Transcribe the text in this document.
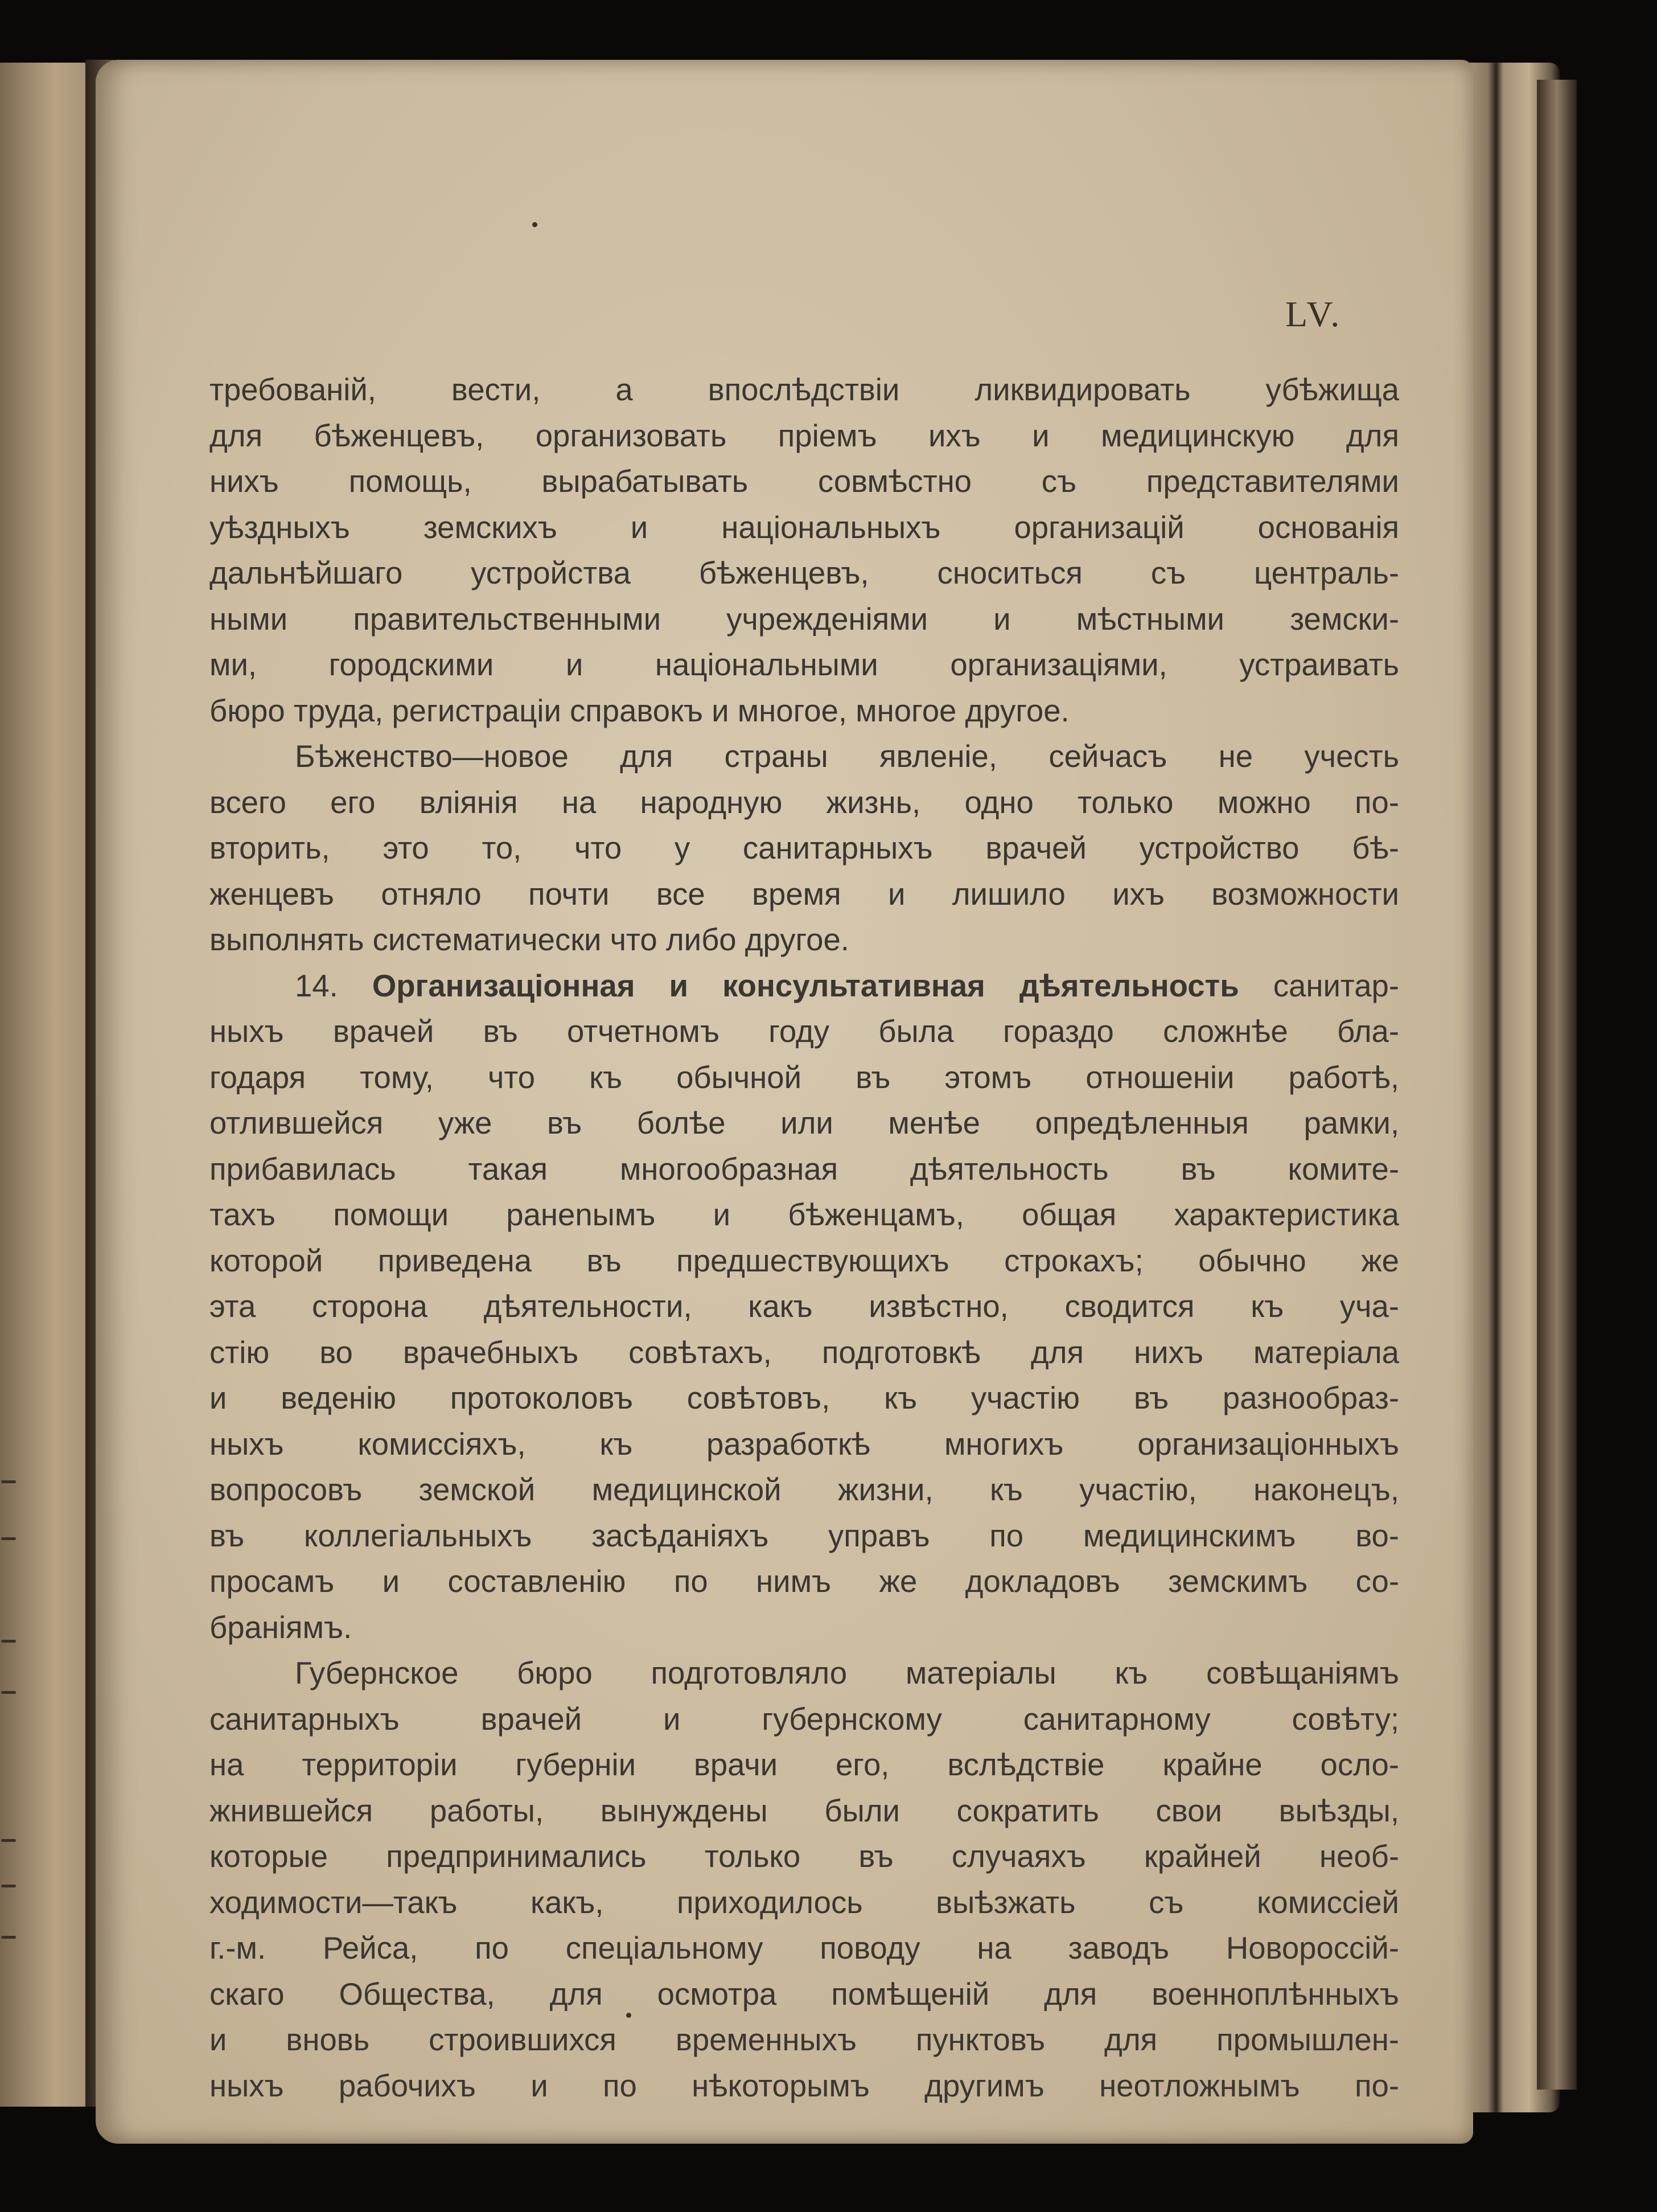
LV.
требованій, вести, а впослѣдствіи ликвидировать убѣжища
для бѣженцевъ, организовать пріемъ ихъ и медицинскую для
нихъ помощь, вырабатывать совмѣстно съ представителями
уѣздныхъ земскихъ и національныхъ организацій основанія
дальнѣйшаго устройства бѣженцевъ, сноситься съ централь-
ными правительственными учрежденіями и мѣстными земски-
ми, городскими и національными организаціями, устраивать
бюро труда, регистраціи справокъ и многое, многое другое.
Бѣженство—новое для страны явленіе, сейчасъ не учесть
всего его вліянія на народную жизнь, одно только можно по-
вторить, это то, что у санитарныхъ врачей устройство бѣ-
женцевъ отняло почти все время и лишило ихъ возможности
выполнять систематически что либо другое.
14. Организаціонная и консультативная дѣятельность санитар-
ныхъ врачей въ отчетномъ году была гораздо сложнѣе бла-
годаря тому, что къ обычной въ этомъ отношеніи работѣ,
отлившейся уже въ болѣе или менѣе опредѣленныя рамки,
прибавилась такая многообразная дѣятельность въ комите-
тахъ помощи ранenымъ и бѣженцамъ, общая характеристика
которой приведена въ предшествующихъ строкахъ; обычно же
эта сторона дѣятельности, какъ извѣстно, сводится къ уча-
стію во врачебныхъ совѣтахъ, подготовкѣ для нихъ матеріала
и веденію протоколовъ совѣтовъ, къ участію въ разнообраз-
ныхъ комиссіяхъ, къ разработкѣ многихъ организаціонныхъ
вопросовъ земской медицинской жизни, къ участію, наконецъ,
въ коллегіальныхъ засѣданіяхъ управъ по медицинскимъ во-
просамъ и составленію по нимъ же докладовъ земскимъ со-
браніямъ.
Губернское бюро подготовляло матеріалы къ совѣщаніямъ
санитарныхъ врачей и губернскому санитарному совѣту;
на территоріи губерніи врачи его, вслѣдствіе крайне осло-
жнившейся работы, вынуждены были сократить свои выѣзды,
которые предпринимались только въ случаяхъ крайней необ-
ходимости—такъ какъ, приходилось выѣзжать съ комиссіей
г.-м. Рейса, по спеціальному поводу на заводъ Новороссій-
скаго Общества, для осмотра помѣщеній для военноплѣнныхъ
и вновь строившихся временныхъ пунктовъ для промышлен-
ныхъ рабочихъ и по нѣкоторымъ другимъ неотложнымъ по-
